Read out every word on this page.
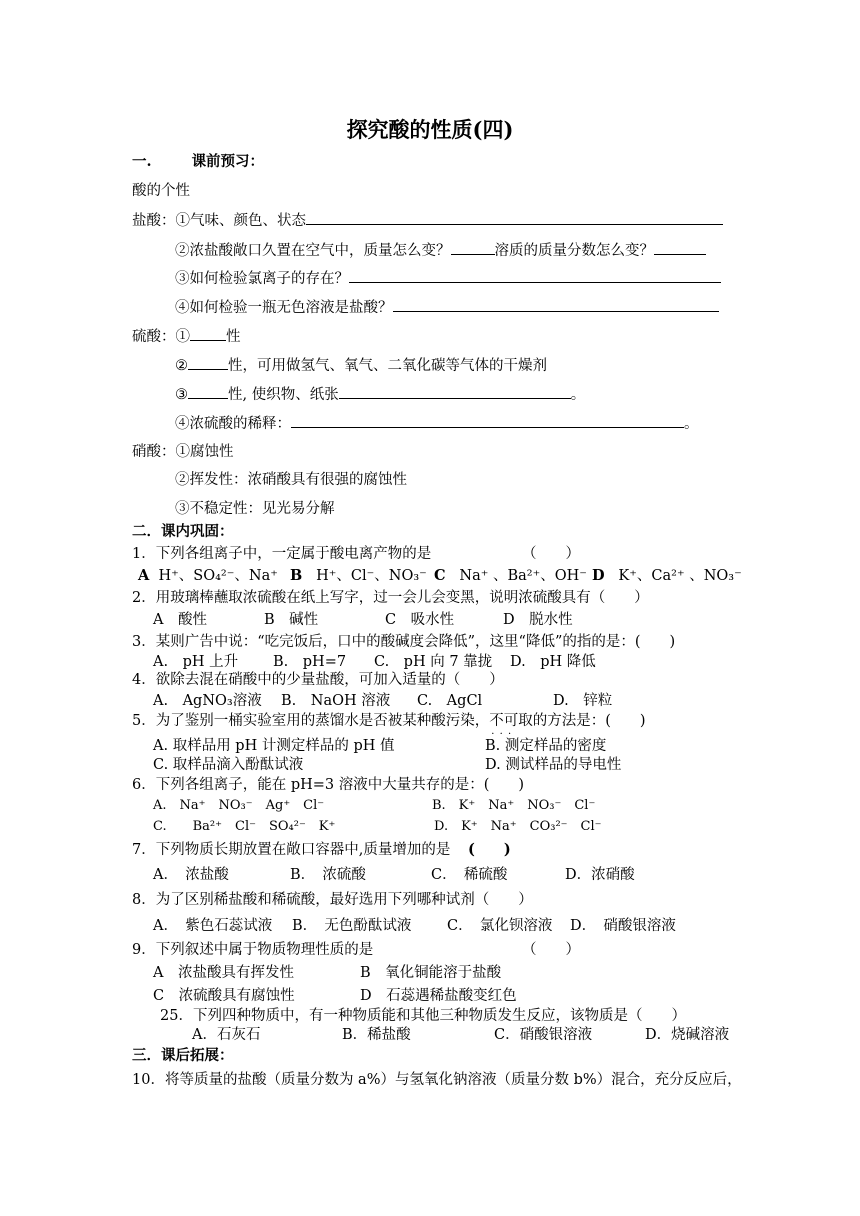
探究酸的性质(四)
一.	课前预习：
酸的个性
盐酸：①气味、颜色、状态
②浓盐酸敞口久置在空气中，质量怎么变？	溶质的质量分数怎么变？
③如何检验氯离子的存在？
④如何检验一瓶无色溶液是盐酸？
硫酸：① 性
②	性，可用做氢气、氧气、二氧化碳等气体的干燥剂
③	性, 使织物、纸张	。
④浓硫酸的稀释：	。
硝酸：①腐蚀性
②挥发性：浓硝酸具有很强的腐蚀性
③不稳定性：见光易分解
二．课内巩固：
1．下列各组离子中，一定属于酸电离产物的是	（　　）
A H⁺、SO₄²⁻、Na⁺ B H⁺、Cl⁻、NO₃⁻ C Na⁺ 、Ba²⁺、OH⁻ D K⁺、Ca²⁺ 、NO₃⁻
2．用玻璃棒蘸取浓硫酸在纸上写字，过一会儿会变黑，说明浓硫酸具有（　　）
A　酸性	B　碱性	C　吸水性	D　脱水性
3．某则广告中说：“吃完饭后，口中的酸碱度会降低”，这里“降低”的指的是：(　　)
A.　pH 上升 B.　pH=7 C.　pH 向 7 靠拢 D.　pH 降低
4．欲除去混在硝酸中的少量盐酸，可加入适量的（　　）
A.　AgNO₃溶液 B.　NaOH 溶液 C.　AgCl	D.　锌粒
5．为了鉴别一桶实验室用的蒸馏水是否被某种酸污染，不可取 · · ·的方法是：(　　)
A. 取样品用 pH 计测定样品的 pH 值	B. 测定样品的密度
C. 取样品滴入酚酞试液	D. 测试样品的导电性
6．下列各组离子，能在 pH=3 溶液中大量共存的是：(　　)
A.　Na⁺　NO₃⁻　Ag⁺　Cl⁻	B.　K⁺　Na⁺　NO₃⁻　Cl⁻
C.　　Ba²⁺　Cl⁻　SO₄²⁻　K⁺	D.　K⁺　Na⁺　CO₃²⁻　Cl⁻
7．下列物质长期放置在敞口容器中,质量增加的是 (　　)
A．　浓盐酸	B．　浓硫酸	C．　稀硫酸	D．浓硝酸
8．为了区别稀盐酸和稀硫酸，最好选用下列哪种试剂（　　）
A．　紫色石蕊试液 B．　无色酚酞试液 C．　氯化钡溶液 D．　硝酸银溶液
9．下列叙述中属于物质物理性质的是	（　　）
A　浓盐酸具有挥发性	B　氧化铜能溶于盐酸
C　浓硫酸具有腐蚀性	D　石蕊遇稀盐酸变红色
25．下列四种物质中，有一种物质能和其他三种物质发生反应，该物质是（　　）
A．石灰石	B．稀盐酸	C．硝酸银溶液	D．烧碱溶液
三．课后拓展：
10．将等质量的盐酸（质量分数为 a%）与氢氧化钠溶液（质量分数 b%）混合，充分反应后，
